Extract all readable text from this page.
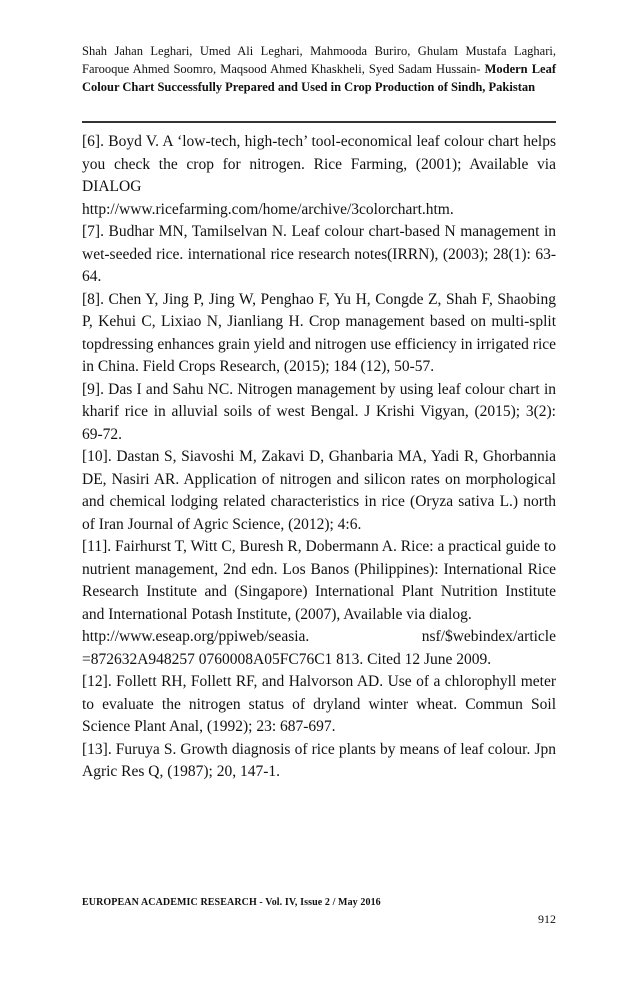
Shah Jahan Leghari, Umed Ali Leghari, Mahmooda Buriro, Ghulam Mustafa Laghari, Farooque Ahmed Soomro, Maqsood Ahmed Khaskheli, Syed Sadam Hussain- Modern Leaf Colour Chart Successfully Prepared and Used in Crop Production of Sindh, Pakistan

[6]. Boyd V. A ‘low-tech, high-tech’ tool-economical leaf colour chart helps you check the crop for nitrogen. Rice Farming, (2001); Available via DIALOG

http://www.ricefarming.com/home/archive/3colorchart.htm.

[7]. Budhar MN, Tamilselvan N. Leaf colour chart-based N management in wet-seeded rice. international rice research notes(IRRN), (2003); 28(1): 63-64.

[8]. Chen Y, Jing P, Jing W, Penghao F, Yu H, Congde Z, Shah F, Shaobing P, Kehui C, Lixiao N, Jianliang H. Crop management based on multi-split topdressing enhances grain yield and nitrogen use efficiency in irrigated rice in China. Field Crops Research, (2015); 184 (12), 50-57.

[9]. Das I and Sahu NC. Nitrogen management by using leaf colour chart in kharif rice in alluvial soils of west Bengal. J Krishi Vigyan, (2015); 3(2): 69-72.

[10]. Dastan S, Siavoshi M, Zakavi D, Ghanbaria MA, Yadi R, Ghorbannia DE, Nasiri AR. Application of nitrogen and silicon rates on morphological and chemical lodging related characteristics in rice (Oryza sativa L.) north of Iran Journal of Agric Science, (2012); 4:6.

[11]. Fairhurst T, Witt C, Buresh R, Dobermann A. Rice: a practical guide to nutrient management, 2nd edn. Los Banos (Philippines): International Rice Research Institute and (Singapore) International Plant Nutrition Institute and International Potash Institute, (2007), Available via dialog.

http://www.eseap.org/ppiweb/seasia. nsf/$webindex/article

=872632A948257 0760008A05FC76C1 813. Cited 12 June 2009.

[12]. Follett RH, Follett RF, and Halvorson AD. Use of a chlorophyll meter to evaluate the nitrogen status of dryland winter wheat. Commun Soil Science Plant Anal, (1992); 23: 687-697.

[13]. Furuya S. Growth diagnosis of rice plants by means of leaf colour. Jpn Agric Res Q, (1987); 20, 147-1.

EUROPEAN ACADEMIC RESEARCH - Vol. IV, Issue 2 / May 2016
912
